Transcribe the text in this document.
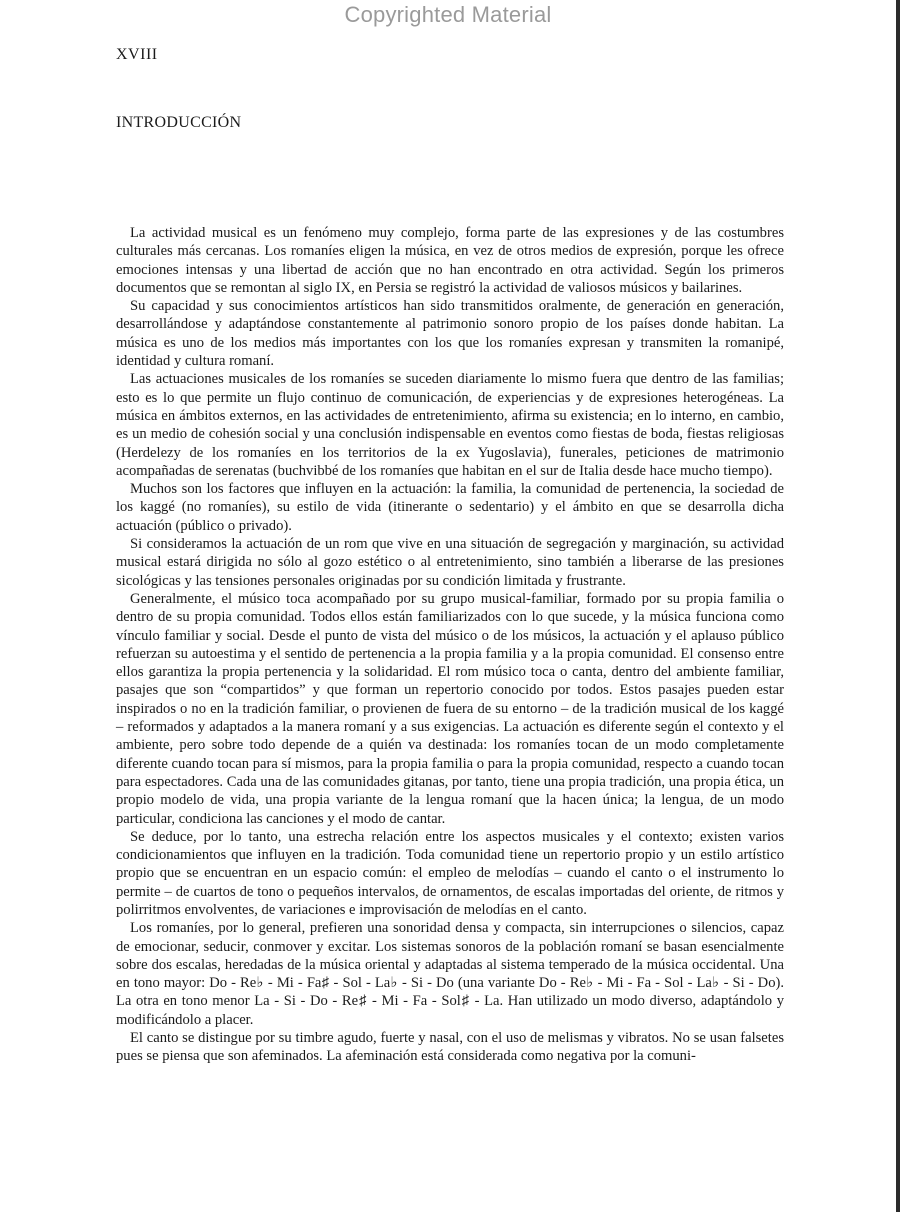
Copyrighted Material
XVIII
INTRODUCCIÓN

La actividad musical es un fenómeno muy complejo, forma parte de las expresiones y de las costumbres culturales más cercanas. Los romaníes eligen la música, en vez de otros medios de expresión, porque les ofrece emociones intensas y una libertad de acción que no han encontrado en otra actividad. Según los primeros documentos que se remontan al siglo IX, en Persia se registró la actividad de valiosos músicos y bailarines.

Su capacidad y sus conocimientos artísticos han sido transmitidos oralmente, de generación en generación, desarrollándose y adaptándose constantemente al patrimonio sonoro propio de los países donde habitan. La música es uno de los medios más importantes con los que los romaníes expresan y transmiten la romanipé, identidad y cultura romaní.

Las actuaciones musicales de los romaníes se suceden diariamente lo mismo fuera que dentro de las familias; esto es lo que permite un flujo continuo de comunicación, de experiencias y de expresiones heterogéneas. La música en ámbitos externos, en las actividades de entretenimiento, afirma su existencia; en lo interno, en cambio, es un medio de cohesión social y una conclusión indispensable en eventos como fiestas de boda, fiestas religiosas (Herdelezy de los romaníes en los territorios de la ex Yugoslavia), funerales, peticiones de matrimonio acompañadas de serenatas (buchvibbé de los romaníes que habitan en el sur de Italia desde hace mucho tiempo).

Muchos son los factores que influyen en la actuación: la familia, la comunidad de pertenencia, la sociedad de los kaggé (no romaníes), su estilo de vida (itinerante o sedentario) y el ámbito en que se desarrolla dicha actuación (público o privado).

Si consideramos la actuación de un rom que vive en una situación de segregación y marginación, su actividad musical estará dirigida no sólo al gozo estético o al entretenimiento, sino también a liberarse de las presiones sicológicas y las tensiones personales originadas por su condición limitada y frustrante.

Generalmente, el músico toca acompañado por su grupo musical-familiar, formado por su propia familia o dentro de su propia comunidad. Todos ellos están familiarizados con lo que sucede, y la música funciona como vínculo familiar y social. Desde el punto de vista del músico o de los músicos, la actuación y el aplauso público refuerzan su autoestima y el sentido de pertenencia a la propia familia y a la propia comunidad. El consenso entre ellos garantiza la propia pertenencia y la solidaridad. El rom músico toca o canta, dentro del ambiente familiar, pasajes que son “compartidos” y que forman un repertorio conocido por todos. Estos pasajes pueden estar inspirados o no en la tradición familiar, o provienen de fuera de su entorno – de la tradición musical de los kaggé – reformados y adaptados a la manera romaní y a sus exigencias. La actuación es diferente según el contexto y el ambiente, pero sobre todo depende de a quién va destinada: los romaníes tocan de un modo completamente diferente cuando tocan para sí mismos, para la propia familia o para la propia comunidad, respecto a cuando tocan para espectadores. Cada una de las comunidades gitanas, por tanto, tiene una propia tradición, una propia ética, un propio modelo de vida, una propia variante de la lengua romaní que la hacen única; la lengua, de un modo particular, condiciona las canciones y el modo de cantar.

Se deduce, por lo tanto, una estrecha relación entre los aspectos musicales y el contexto; existen varios condicionamientos que influyen en la tradición. Toda comunidad tiene un repertorio propio y un estilo artístico propio que se encuentran en un espacio común: el empleo de melodías – cuando el canto o el instrumento lo permite – de cuartos de tono o pequeños intervalos, de ornamentos, de escalas importadas del oriente, de ritmos y polirritmos envolventes, de variaciones e improvisación de melodías en el canto.

Los romaníes, por lo general, prefieren una sonoridad densa y compacta, sin interrupciones o silencios, capaz de emocionar, seducir, conmover y excitar. Los sistemas sonoros de la población romaní se basan esencialmente sobre dos escalas, heredadas de la música oriental y adaptadas al sistema temperado de la música occidental. Una en tono mayor: Do - Re♭ - Mi - Fa♯ - Sol - La♭ - Si - Do (una variante Do - Re♭ - Mi - Fa - Sol - La♭ - Si - Do). La otra en tono menor La - Si - Do - Re♯ - Mi - Fa - Sol♯ - La. Han utilizado un modo diverso, adaptándolo y modificándolo a placer.

El canto se distingue por su timbre agudo, fuerte y nasal, con el uso de melismas y vibratos. No se usan falsetes pues se piensa que son afeminados. La afeminación está considerada como negativa por la comuni-
